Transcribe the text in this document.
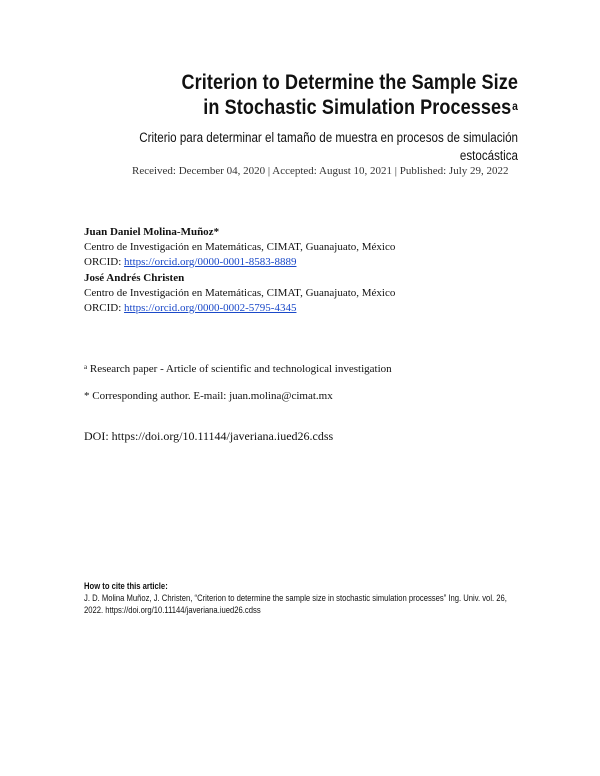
Criterion to Determine the Sample Size
in Stochastic Simulation Processes$^a$
Criterio para determinar el tamaño de muestra en procesos de simulación
estocástica
Received: December 04, 2020 | Accepted: August 10, 2021 | Published: July 29, 2022
Juan Daniel Molina-Muñoz*
Centro de Investigación en Matemáticas, CIMAT, Guanajuato, México
ORCID: https://orcid.org/0000-0001-8583-8889
José Andrés Christen
Centro de Investigación en Matemáticas, CIMAT, Guanajuato, México
ORCID: https://orcid.org/0000-0002-5795-4345
$^a$ Research paper - Article of scientific and technological investigation
* Corresponding author. E-mail: juan.molina@cimat.mx
DOI: https://doi.org/10.11144/javeriana.iued26.cdss
How to cite this article:
J. D. Molina Muñoz, J. Christen, “Criterion to determine the sample size in stochastic simulation processes” Ing. Univ. vol. 26,
2022. https://doi.org/10.11144/javeriana.iued26.cdss
